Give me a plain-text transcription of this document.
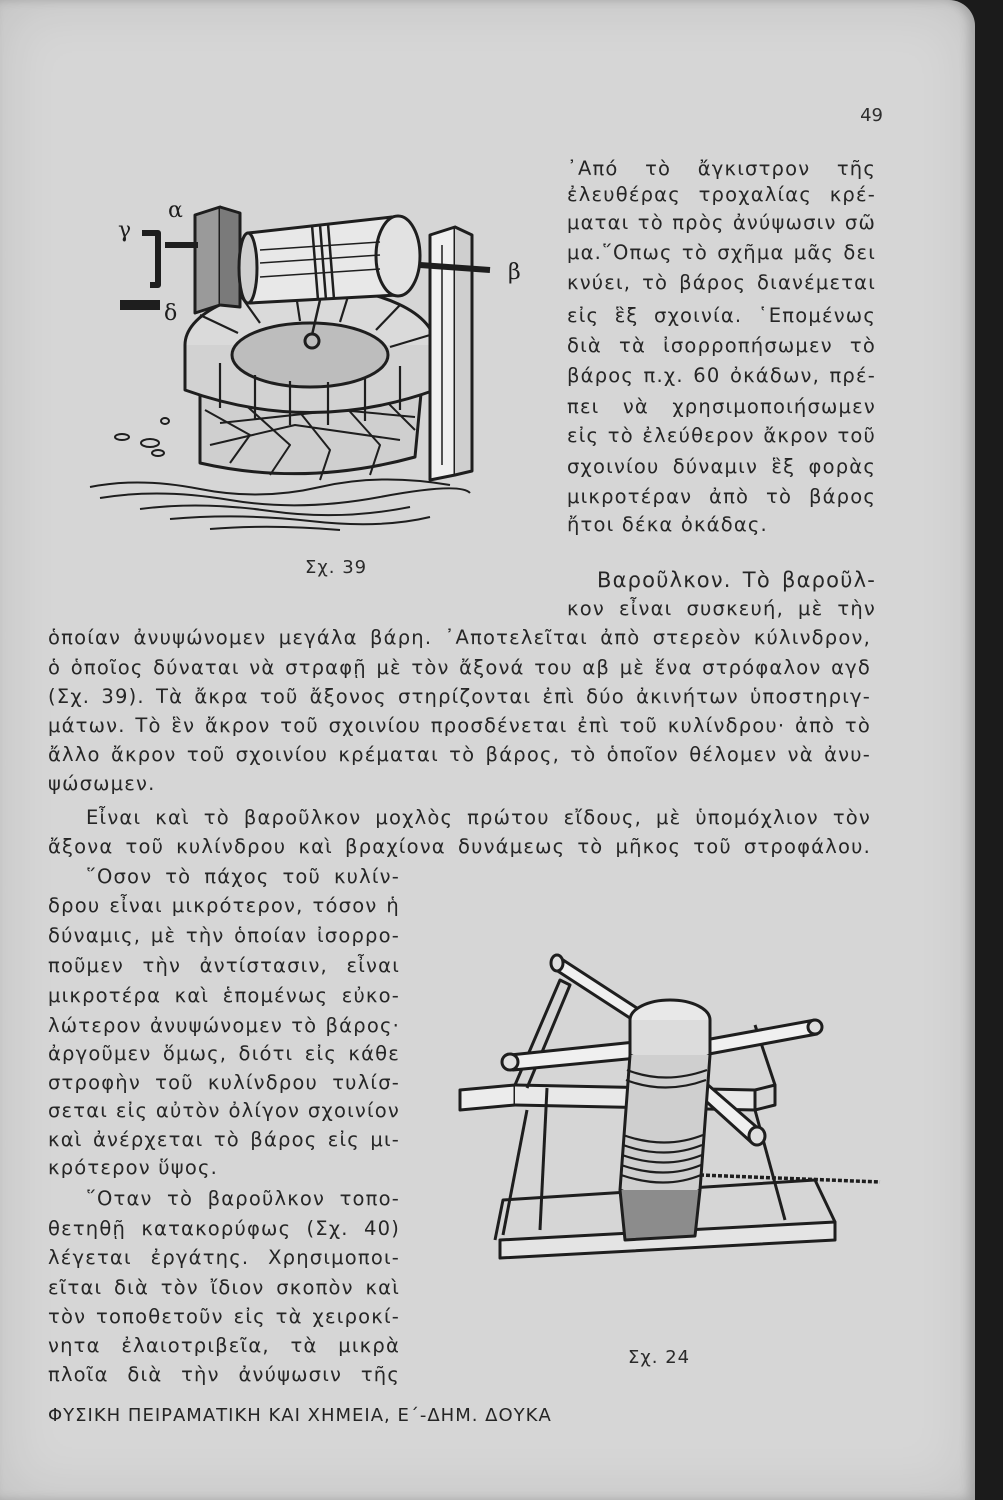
49
α
γ
δ
β
Σχ. 39
᾿Από τὸ ἄγκιστρον τῆς
ἐλευθέρας τροχαλίας κρέ-
μαται τὸ πρὸς ἀνύψωσιν σῶ
μα.῞Οπως τὸ σχῆμα μᾶς δει
κνύει, τὸ βάρος διανέμεται
εἰς ἓξ σχοινία. ῾Επομένως
διὰ τὰ ἰσορροπήσωμεν τὸ
βάρος π.χ. 60 ὀκάδων, πρέ-
πει νὰ χρησιμοποιήσωμεν
εἰς τὸ ἐλεύθερον ἄκρον τοῦ
σχοινίου δύναμιν ἓξ φορὰς
μικροτέραν ἀπὸ τὸ βάρος
ἤτοι δέκα ὀκάδας.
Βαροῦλκον. Τὸ βαροῦλ-
κον εἶναι συσκευή, μὲ τὴν
ὁποίαν ἀνυψώνομεν μεγάλα βάρη. ᾿Αποτελεῖται ἀπὸ στερεὸν κύλινδρον,
ὁ ὁποῖος δύναται νὰ στραφῇ μὲ τὸν ἄξονά του αβ μὲ ἕνα στρόφαλον αγδ
(Σχ. 39). Τὰ ἄκρα τοῦ ἄξονος στηρίζονται ἐπὶ δύο ἀκινήτων ὑποστηριγ-
μάτων. Τὸ ἓν ἄκρον τοῦ σχοινίου προσδένεται ἐπὶ τοῦ κυλίνδρου· ἀπὸ τὸ
ἄλλο ἄκρον τοῦ σχοινίου κρέμαται τὸ βάρος, τὸ ὁποῖον θέλομεν νὰ ἀνυ-
ψώσωμεν.
Εἶναι καὶ τὸ βαροῦλκον μοχλὸς πρώτου εἴδους, μὲ ὑπομόχλιον τὸν
ἄξονα τοῦ κυλίνδρου καὶ βραχίονα δυνάμεως τὸ μῆκος τοῦ στροφάλου.
῞Οσον τὸ πάχος τοῦ κυλίν-
δρου εἶναι μικρότερον, τόσον ἡ
δύναμις, μὲ τὴν ὁποίαν ἰσορρο-
ποῦμεν τὴν ἀντίστασιν, εἶναι
μικροτέρα καὶ ἑπομένως εὐκο-
λώτερον ἀνυψώνομεν τὸ βάρος·
ἀργοῦμεν ὅμως, διότι εἰς κάθε
στροφὴν τοῦ κυλίνδρου τυλίσ-
σεται εἰς αὐτὸν ὀλίγον σχοινίον
καὶ ἀνέρχεται τὸ βάρος εἰς μι-
κρότερον ὕψος.
῞Οταν τὸ βαροῦλκον τοπο-
θετηθῇ κατακορύφως (Σχ. 40)
λέγεται ἐργάτης. Χρησιμοποι-
εῖται διὰ τὸν ἴδιον σκοπὸν καὶ
τὸν τοποθετοῦν εἰς τὰ χειροκί-
νητα ἐλαιοτριβεῖα, τὰ μικρὰ
πλοῖα διὰ τὴν ἀνύψωσιν τῆς
Σχ. 24
ΦΥΣΙΚΗ ΠΕΙΡΑΜΑΤΙΚΗ ΚΑΙ ΧΗΜΕΙΑ, Ε΄-ΔΗΜ. ΔΟΥΚΑ
